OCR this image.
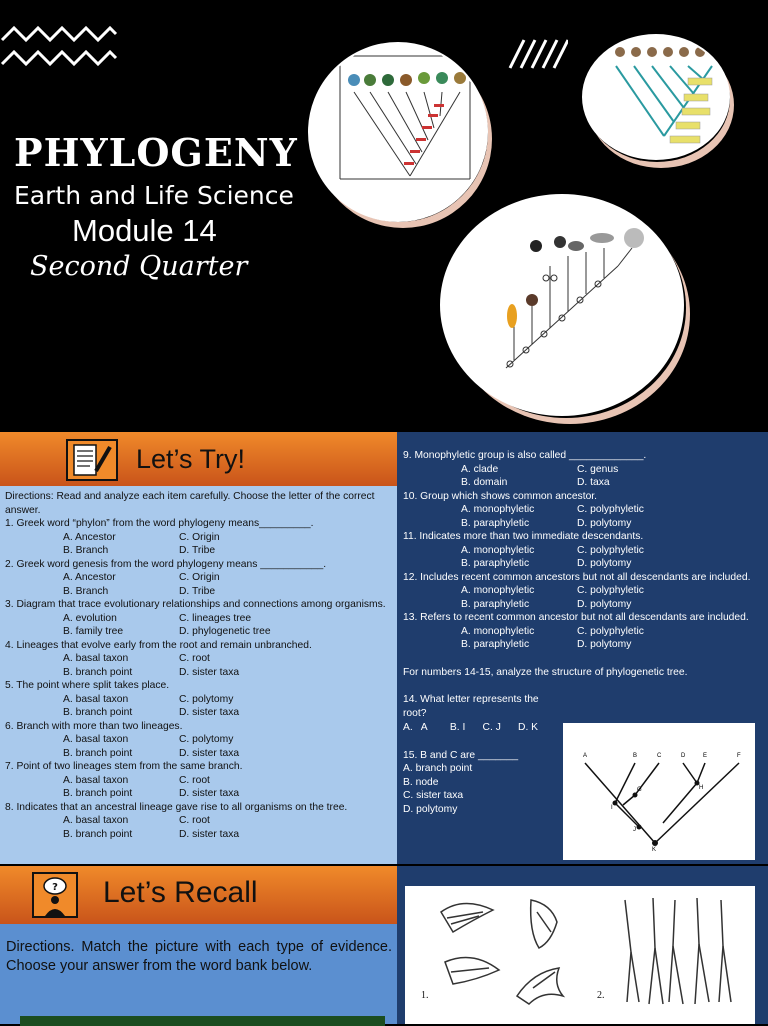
PHYLOGENY
Earth and Life Science
Module 14
Second Quarter
Let’s Try!
Directions: Read and analyze each item carefully. Choose the letter of the correct answer.
1. Greek word “phylon” from the word phylogeny means_________.
A. Ancestor	C. Origin
B. Branch	D. Tribe
2. Greek word genesis from the word phylogeny means ___________.
A. Ancestor	C. Origin
B. Branch	D. Tribe
3. Diagram that trace evolutionary relationships and connections among organisms.
A. evolution	C. lineages tree
B. family tree	D. phylogenetic tree
4. Lineages that evolve early from the root and remain unbranched.
A. basal taxon	C. root
B. branch point	D. sister taxa
5. The point where split takes place.
A. basal taxon	C. polytomy
B. branch point	D. sister taxa
6. Branch with more than two lineages.
A. basal taxon	C. polytomy
B. branch point	D. sister taxa
7. Point of two lineages stem from the same branch.
A. basal taxon	C. root
B. branch point	D. sister taxa
8. Indicates that an ancestral lineage gave rise to all organisms on the tree.
A. basal taxon	C. root
B. branch point	D. sister taxa
9. Monophyletic group is also called _____________.
A. clade	C. genus
B. domain	D. taxa
10. Group which shows common ancestor.
A. monophyletic	C. polyphyletic
B. paraphyletic	D. polytomy
11. Indicates more than two immediate descendants.
A. monophyletic	C. polyphyletic
B. paraphyletic	D. polytomy
12. Includes recent common ancestors but not all descendants are included.
A. monophyletic	C. polyphyletic
B. paraphyletic	D. polytomy
13. Refers to recent common ancestor but not all descendants are included.
A. monophyletic	C. polyphyletic
B. paraphyletic	D. polytomy
For numbers 14-15, analyze the structure of phylogenetic tree.
14. What letter represents the root?
A.   A        B. I      C. J      D. K
15. B and C are _______
A. branch point
B. node
C. sister taxa
D. polytomy
A	B	C	D	E	F
I
J
K
H
G
? Let’s Recall
Directions. Match the picture with each type of evidence. Choose your answer from the word bank below.
1.	2.
